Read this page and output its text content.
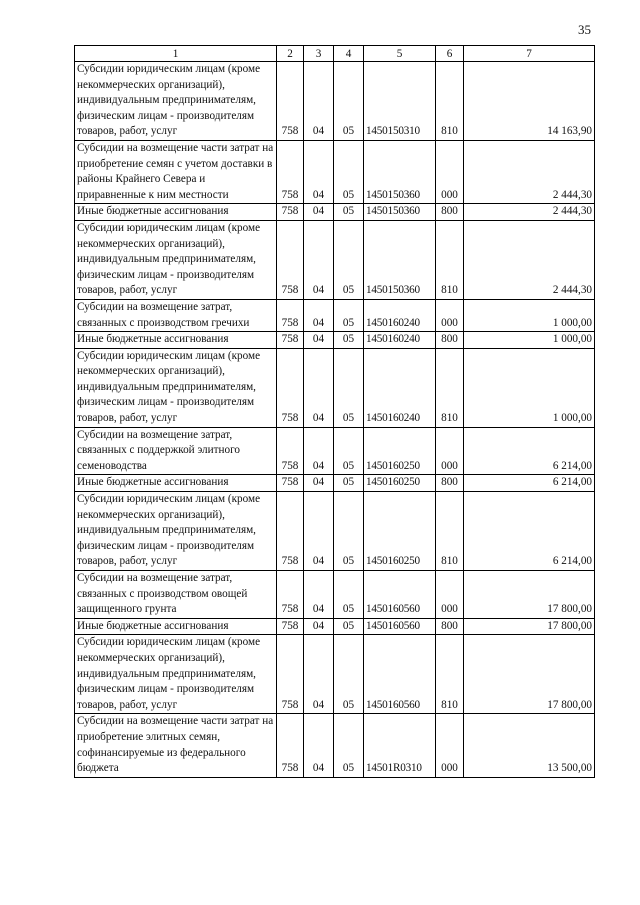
35
1	2	3	4	5	6	7
Субсидии юридическим лицам (кроме некоммерческих организаций), индивидуальным предпринимателям, физическим лицам - производителям товаров, работ, услуг	758	04	05	1450150310	810	14 163,90
Субсидии на возмещение части затрат на приобретение семян с учетом доставки в районы Крайнего Севера и приравненные к ним местности	758	04	05	1450150360	000	2 444,30
Иные бюджетные ассигнования	758	04	05	1450150360	800	2 444,30
Субсидии юридическим лицам (кроме некоммерческих организаций), индивидуальным предпринимателям, физическим лицам - производителям товаров, работ, услуг	758	04	05	1450150360	810	2 444,30
Субсидии на возмещение затрат, связанных с производством гречихи	758	04	05	1450160240	000	1 000,00
Иные бюджетные ассигнования	758	04	05	1450160240	800	1 000,00
Субсидии юридическим лицам (кроме некоммерческих организаций), индивидуальным предпринимателям, физическим лицам - производителям товаров, работ, услуг	758	04	05	1450160240	810	1 000,00
Субсидии на возмещение затрат, связанных с поддержкой элитного семеноводства	758	04	05	1450160250	000	6 214,00
Иные бюджетные ассигнования	758	04	05	1450160250	800	6 214,00
Субсидии юридическим лицам (кроме некоммерческих организаций), индивидуальным предпринимателям, физическим лицам - производителям товаров, работ, услуг	758	04	05	1450160250	810	6 214,00
Субсидии на возмещение затрат, связанных с производством овощей защищенного грунта	758	04	05	1450160560	000	17 800,00
Иные бюджетные ассигнования	758	04	05	1450160560	800	17 800,00
Субсидии юридическим лицам (кроме некоммерческих организаций), индивидуальным предпринимателям, физическим лицам - производителям товаров, работ, услуг	758	04	05	1450160560	810	17 800,00
Субсидии на возмещение части затрат на приобретение элитных семян, софинансируемые из федерального бюджета	758	04	05	14501R0310	000	13 500,00
